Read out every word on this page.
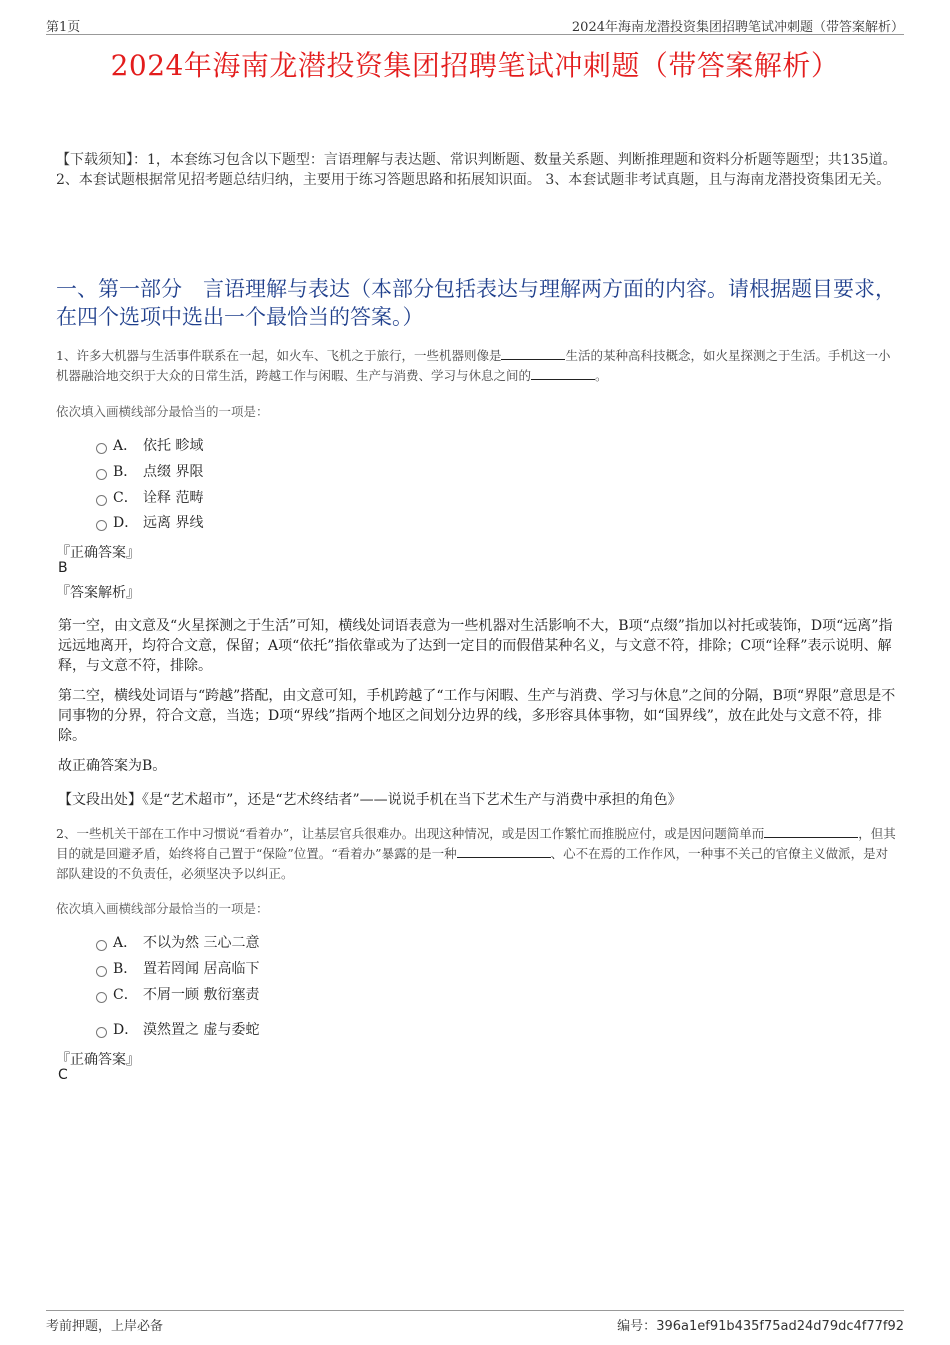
第1页	2024年海南龙潜投资集团招聘笔试冲刺题（带答案解析）
2024年海南龙潜投资集团招聘笔试冲刺题（带答案解析）
【下载须知】：1，本套练习包含以下题型：言语理解与表达题、常识判断题、数量关系题、判断推理题和资料分析题等题型；共135道。 2、本套试题根据常见招考题总结归纳，主要用于练习答题思路和拓展知识面。 3、本套试题非考试真题，且与海南龙潜投资集团无关。
一、第一部分　言语理解与表达（本部分包括表达与理解两方面的内容。请根据题目要求，在四个选项中选出一个最恰当的答案。）
1、许多大机器与生活事件联系在一起，如火车、飞机之于旅行，一些机器则像是	生活的某种高科技概念，如火星探测之于生活。手机这一小机器融洽地交织于大众的日常生活，跨越工作与闲暇、生产与消费、学习与休息之间的	。
依次填入画横线部分最恰当的一项是：
A． 依托 畛域
B． 点缀 界限
C． 诠释 范畴
D． 远离 界线
『正确答案』
B
『答案解析』
第一空，由文意及“火星探测之于生活”可知，横线处词语表意为一些机器对生活影响不大，B项“点缀”指加以衬托或装饰，D项“远离”指远远地离开，均符合文意，保留；A项“依托”指依靠或为了达到一定目的而假借某种名义，与文意不符，排除；C项“诠释”表示说明、解释，与文意不符，排除。
第二空，横线处词语与“跨越”搭配，由文意可知，手机跨越了“工作与闲暇、生产与消费、学习与休息”之间的分隔，B项“界限”意思是不同事物的分界，符合文意，当选；D项“界线”指两个地区之间划分边界的线，多形容具体事物，如“国界线”，放在此处与文意不符，排除。
故正确答案为B。
【文段出处】《是“艺术超市”，还是“艺术终结者”——说说手机在当下艺术生产与消费中承担的角色》
2、一些机关干部在工作中习惯说“看着办”，让基层官兵很难办。出现这种情况，或是因工作繁忙而推脱应付，或是因问题简单而	，但其目的就是回避矛盾，始终将自己置于“保险”位置。“看着办”暴露的是一种	、心不在焉的工作作风，一种事不关己的官僚主义做派，是对部队建设的不负责任，必须坚决予以纠正。
依次填入画横线部分最恰当的一项是：
A． 不以为然 三心二意
B． 置若罔闻 居高临下
C． 不屑一顾 敷衍塞责
D． 漠然置之 虚与委蛇
『正确答案』
C
考前押题，上岸必备	编号：396a1ef91b435f75ad24d79dc4f77f92
